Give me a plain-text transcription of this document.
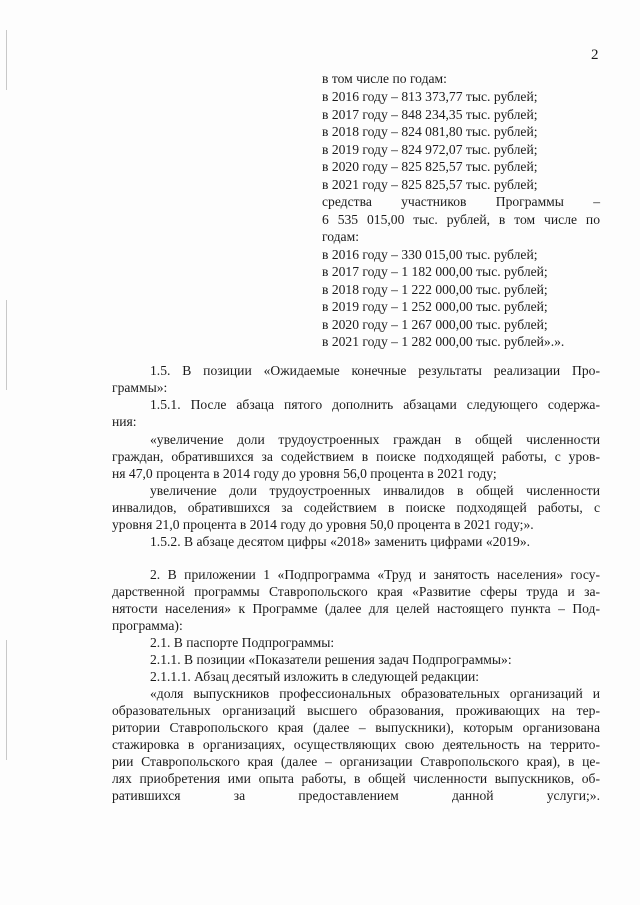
2
в том числе по годам:
в 2016 году – 813 373,77 тыс. рублей;
в 2017 году – 848 234,35 тыс. рублей;
в 2018 году – 824 081,80 тыс. рублей;
в 2019 году – 824 972,07 тыс. рублей;
в 2020 году – 825 825,57 тыс. рублей;
в 2021 году – 825 825,57 тыс. рублей;
средства участников Программы –
6 535 015,00 тыс. рублей, в том числе по
годам:
в 2016 году – 330 015,00 тыс. рублей;
в 2017 году – 1 182 000,00 тыс. рублей;
в 2018 году – 1 222 000,00 тыс. рублей;
в 2019 году – 1 252 000,00 тыс. рублей;
в 2020 году – 1 267 000,00 тыс. рублей;
в 2021 году – 1 282 000,00 тыс. рублей».».
1.5. В позиции «Ожидаемые конечные результаты реализации Про-
граммы»:
1.5.1. После абзаца пятого дополнить абзацами следующего содержа-
ния:
«увеличение доли трудоустроенных граждан в общей численности
граждан, обратившихся за содействием в поиске подходящей работы, с уров-
ня 47,0 процента в 2014 году до уровня 56,0 процента в 2021 году;
увеличение доли трудоустроенных инвалидов в общей численности
инвалидов, обратившихся за содействием в поиске подходящей работы, с
уровня 21,0 процента в 2014 году до уровня 50,0 процента в 2021 году;».
1.5.2. В абзаце десятом цифры «2018» заменить цифрами «2019».
2. В приложении 1 «Подпрограмма «Труд и занятость населения» госу-
дарственной программы Ставропольского края «Развитие сферы труда и за-
нятости населения» к Программе (далее для целей настоящего пункта – Под-
программа):
2.1. В паспорте Подпрограммы:
2.1.1. В позиции «Показатели решения задач Подпрограммы»:
2.1.1.1. Абзац десятый изложить в следующей редакции:
«доля выпускников профессиональных образовательных организаций и
образовательных организаций высшего образования, проживающих на тер-
ритории Ставропольского края (далее – выпускники), которым организована
стажировка в организациях, осуществляющих свою деятельность на террито-
рии Ставропольского края (далее – организации Ставропольского края), в це-
лях приобретения ими опыта работы, в общей численности выпускников, об-
ратившихся за предоставлением данной услуги;».
